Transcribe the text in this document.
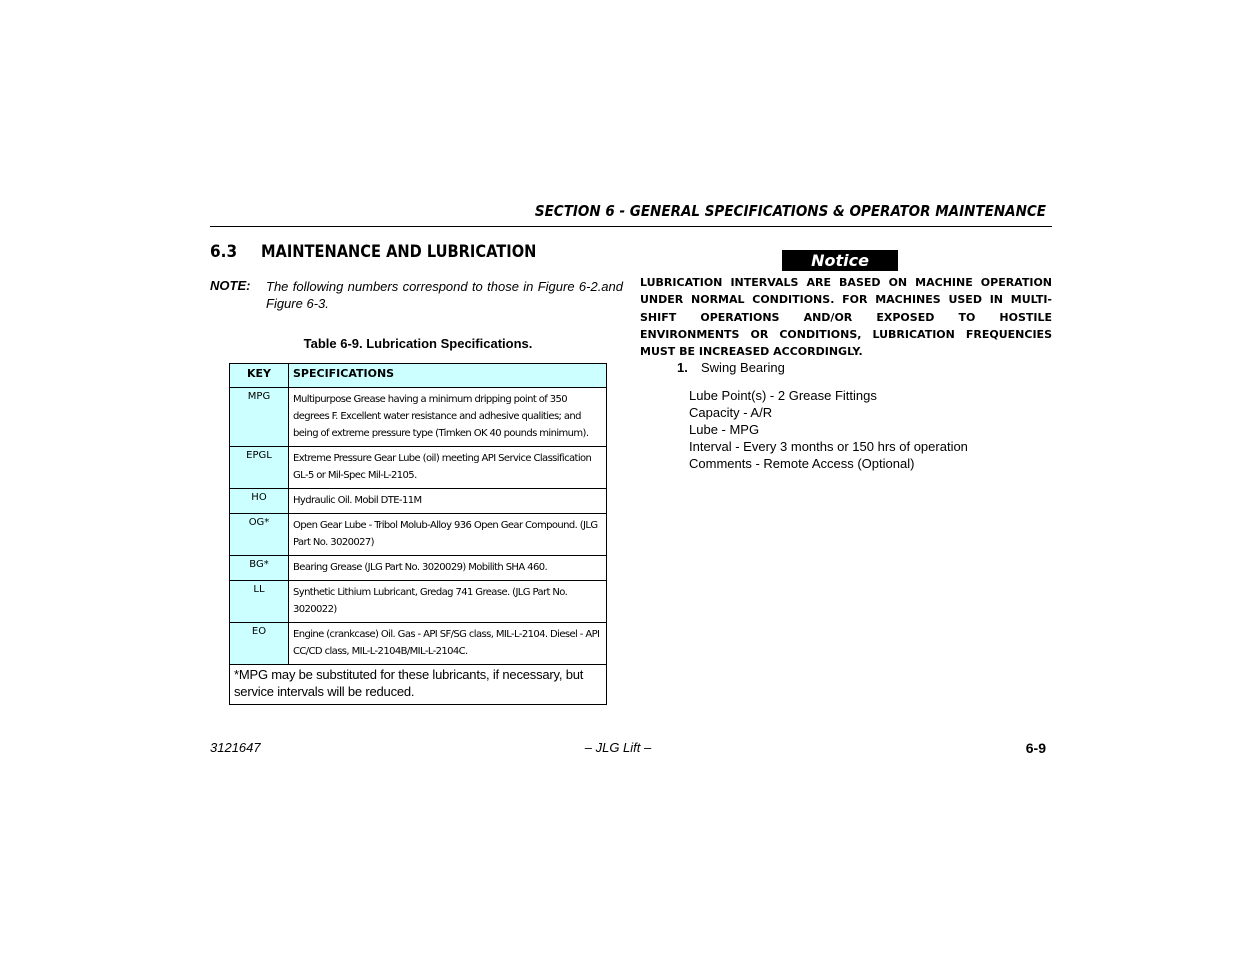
SECTION 6 - GENERAL SPECIFICATIONS & OPERATOR MAINTENANCE
6.3 MAINTENANCE AND LUBRICATION
NOTE: The following numbers correspond to those in Figure 6-2.and Figure 6-3.
Table 6-9. Lubrication Specifications.
KEY	SPECIFICATIONS
MPG	Multipurpose Grease having a minimum dripping point of 350 degrees F. Excellent water resistance and adhesive qualities; and being of extreme pressure type (Timken OK 40 pounds minimum).
EPGL	Extreme Pressure Gear Lube (oil) meeting API Service Classification GL-5 or Mil-Spec Mil-L-2105.
HO	Hydraulic Oil. Mobil DTE-11M
OG*	Open Gear Lube - Tribol Molub-Alloy 936 Open Gear Compound. (JLG Part No. 3020027)
BG*	Bearing Grease (JLG Part No. 3020029) Mobilith SHA 460.
LL	Synthetic Lithium Lubricant, Gredag 741 Grease. (JLG Part No. 3020022)
EO	Engine (crankcase) Oil. Gas - API SF/SG class, MIL-L-2104. Diesel - API CC/CD class, MIL-L-2104B/MIL-L-2104C.
*MPG may be substituted for these lubricants, if necessary, but service intervals will be reduced.	
Notice
LUBRICATION INTERVALS ARE BASED ON MACHINE OPERATION UNDER NORMAL CONDITIONS. FOR MACHINES USED IN MULTI-SHIFT OPERATIONS AND/OR EXPOSED TO HOSTILE ENVIRONMENTS OR CONDITIONS, LUBRICATION FREQUENCIES MUST BE INCREASED ACCORDINGLY.
1. Swing Bearing
Lube Point(s) - 2 Grease Fittings
Capacity - A/R
Lube - MPG
Interval - Every 3 months or 150 hrs of operation
Comments - Remote Access (Optional)
3121647	– JLG Lift –	6-9
